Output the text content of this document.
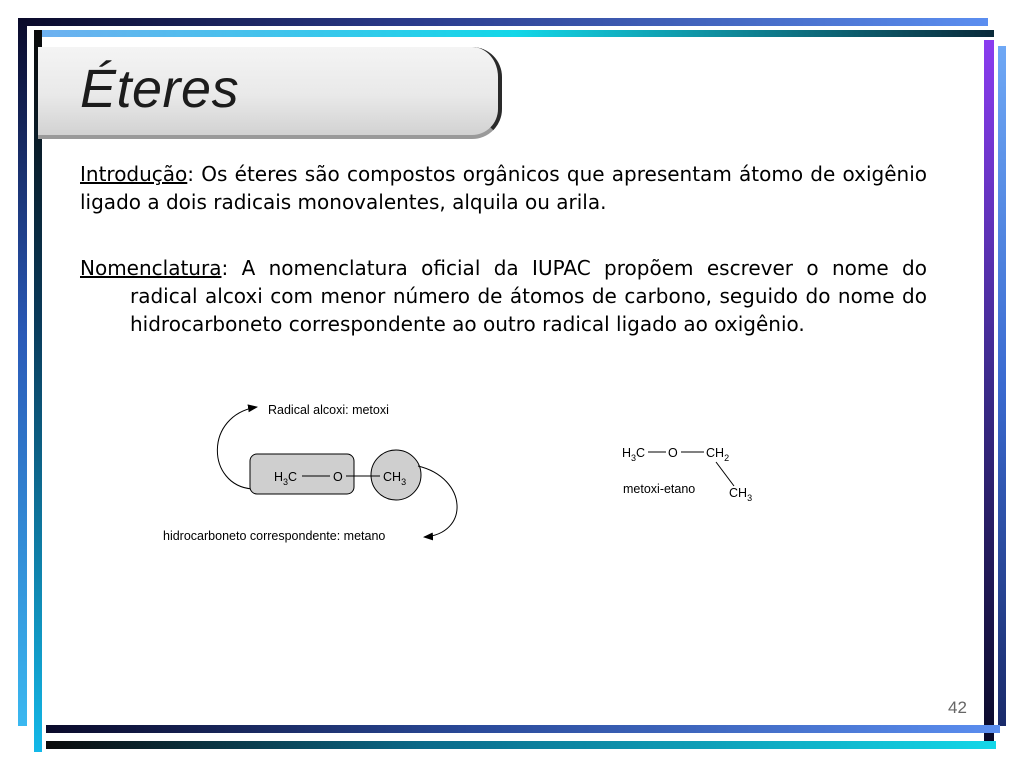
Éteres

Introdução: Os éteres são compostos orgânicos que apresentam átomo de oxigênio ligado a dois radicais monovalentes, alquila ou arila.

Nomenclatura: A nomenclatura oficial da IUPAC propõem escrever o nome do radical alcoxi com menor número de átomos de carbono, seguido do nome do hidrocarboneto correspondente ao outro radical ligado ao oxigênio.

Radical alcoxi: metoxi
$H_3C$	O	$CH_3$
hidrocarboneto correspondente: metano
$H_3C$ O $CH_2$
$CH_3$
metoxi-etano
42
